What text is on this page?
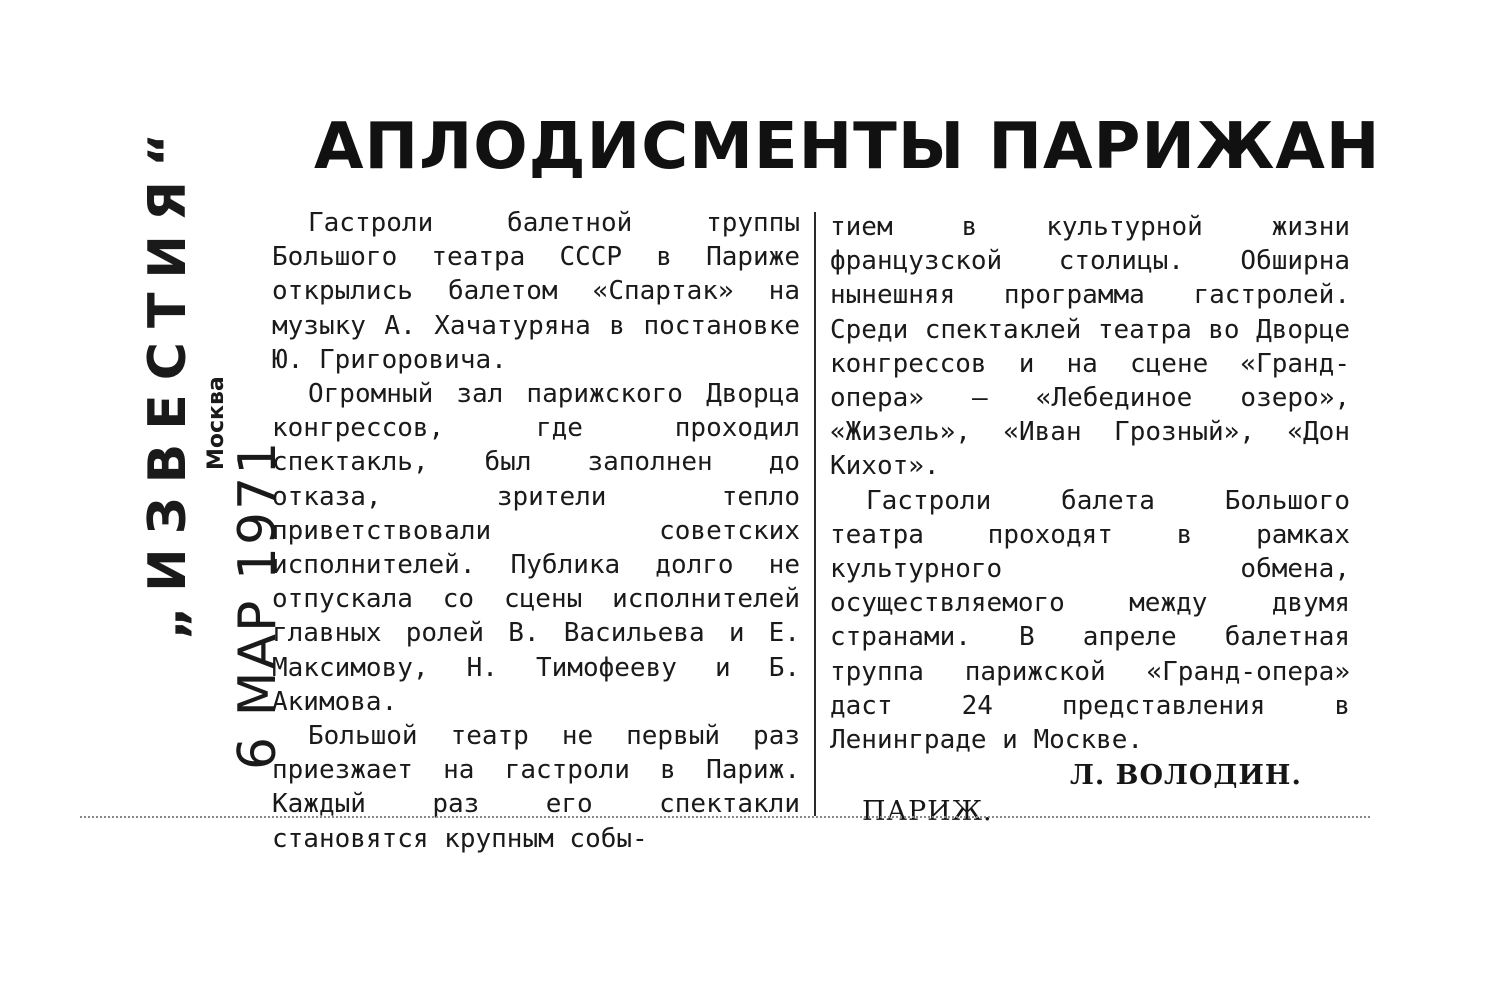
„ИЗВЕСТИЯ“ 6 МАР 1971
Москва
АПЛОДИСМЕНТЫ ПАРИЖАН

Гастроли балетной труппы Большого театра СССР в Париже открылись балетом «Спартак» на музыку А. Хачатуряна в постановке Ю. Григоровича.

Огромный зал парижского Дворца конгрессов, где проходил спектакль, был заполнен до отказа, зрители тепло приветствовали советских исполнителей. Публика долго не отпускала со сцены исполнителей главных ролей В. Васильева и Е. Максимову, Н. Тимофееву и Б. Акимова.

Большой театр не первый раз приезжает на гастроли в Париж. Каждый раз его спектакли становятся крупным собы-

тием в культурной жизни французской столицы. Обширна нынешняя программа гастролей. Среди спектаклей театра во Дворце конгрессов и на сцене «Гранд-опера» — «Лебединое озеро», «Жизель», «Иван Грозный», «Дон Кихот».

Гастроли балета Большого театра проходят в рамках культурного обмена, осуществляемого между двумя странами. В апреле балетная труппа парижской «Гранд-опера» даст 24 представления в Ленинграде и Москве.

Л. ВОЛОДИН.
ПАРИЖ.
